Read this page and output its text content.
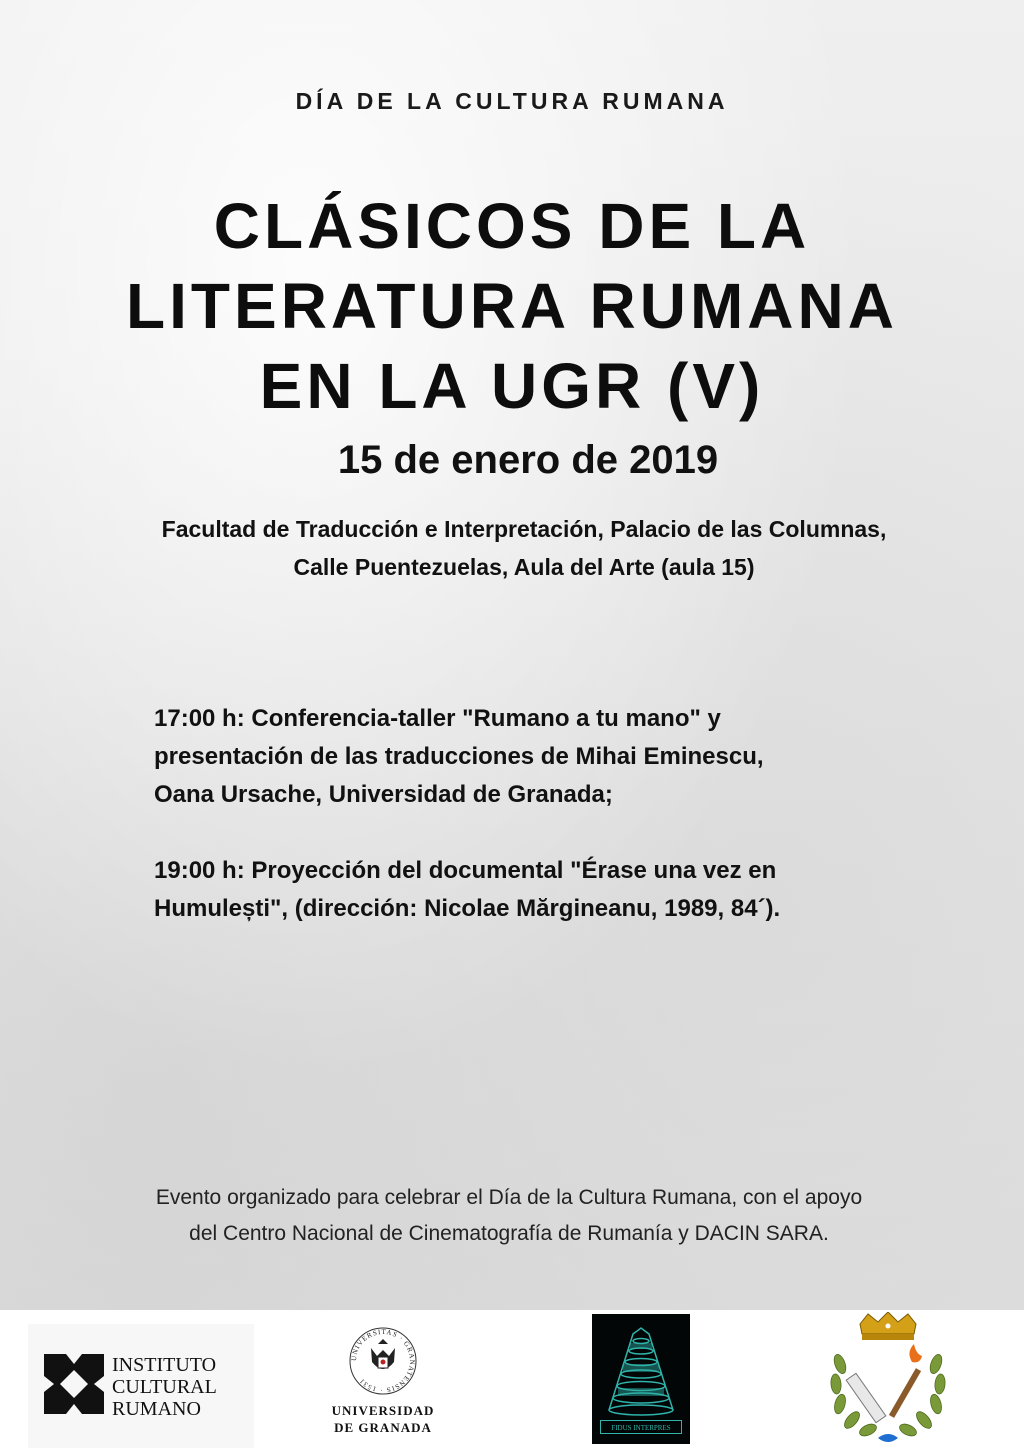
DÍA DE LA CULTURA RUMANA
CLÁSICOS DE LA
LITERATURA RUMANA
EN LA UGR (V)
15 de enero de 2019
Facultad de Traducción e Interpretación, Palacio de las Columnas,
Calle Puentezuelas, Aula del Arte (aula 15)
17:00 h: Conferencia-taller "Rumano a tu mano" y
presentación de las traducciones de Mihai Eminescu,
Oana Ursache, Universidad de Granada;
19:00 h: Proyección del documental "Érase una vez en
Humulești", (dirección: Nicolae Mărgineanu, 1989, 84´).
Evento organizado para celebrar el Día de la Cultura Rumana, con el apoyo
del Centro Nacional de Cinematografía de Rumanía y DACIN SARA.
INSTITUTO
CULTURAL
RUMANO
UNIVERSITAS · GRANATENSIS · 1531
UNIVERSIDAD
DE GRANADA	FIDUS INTERPRES
